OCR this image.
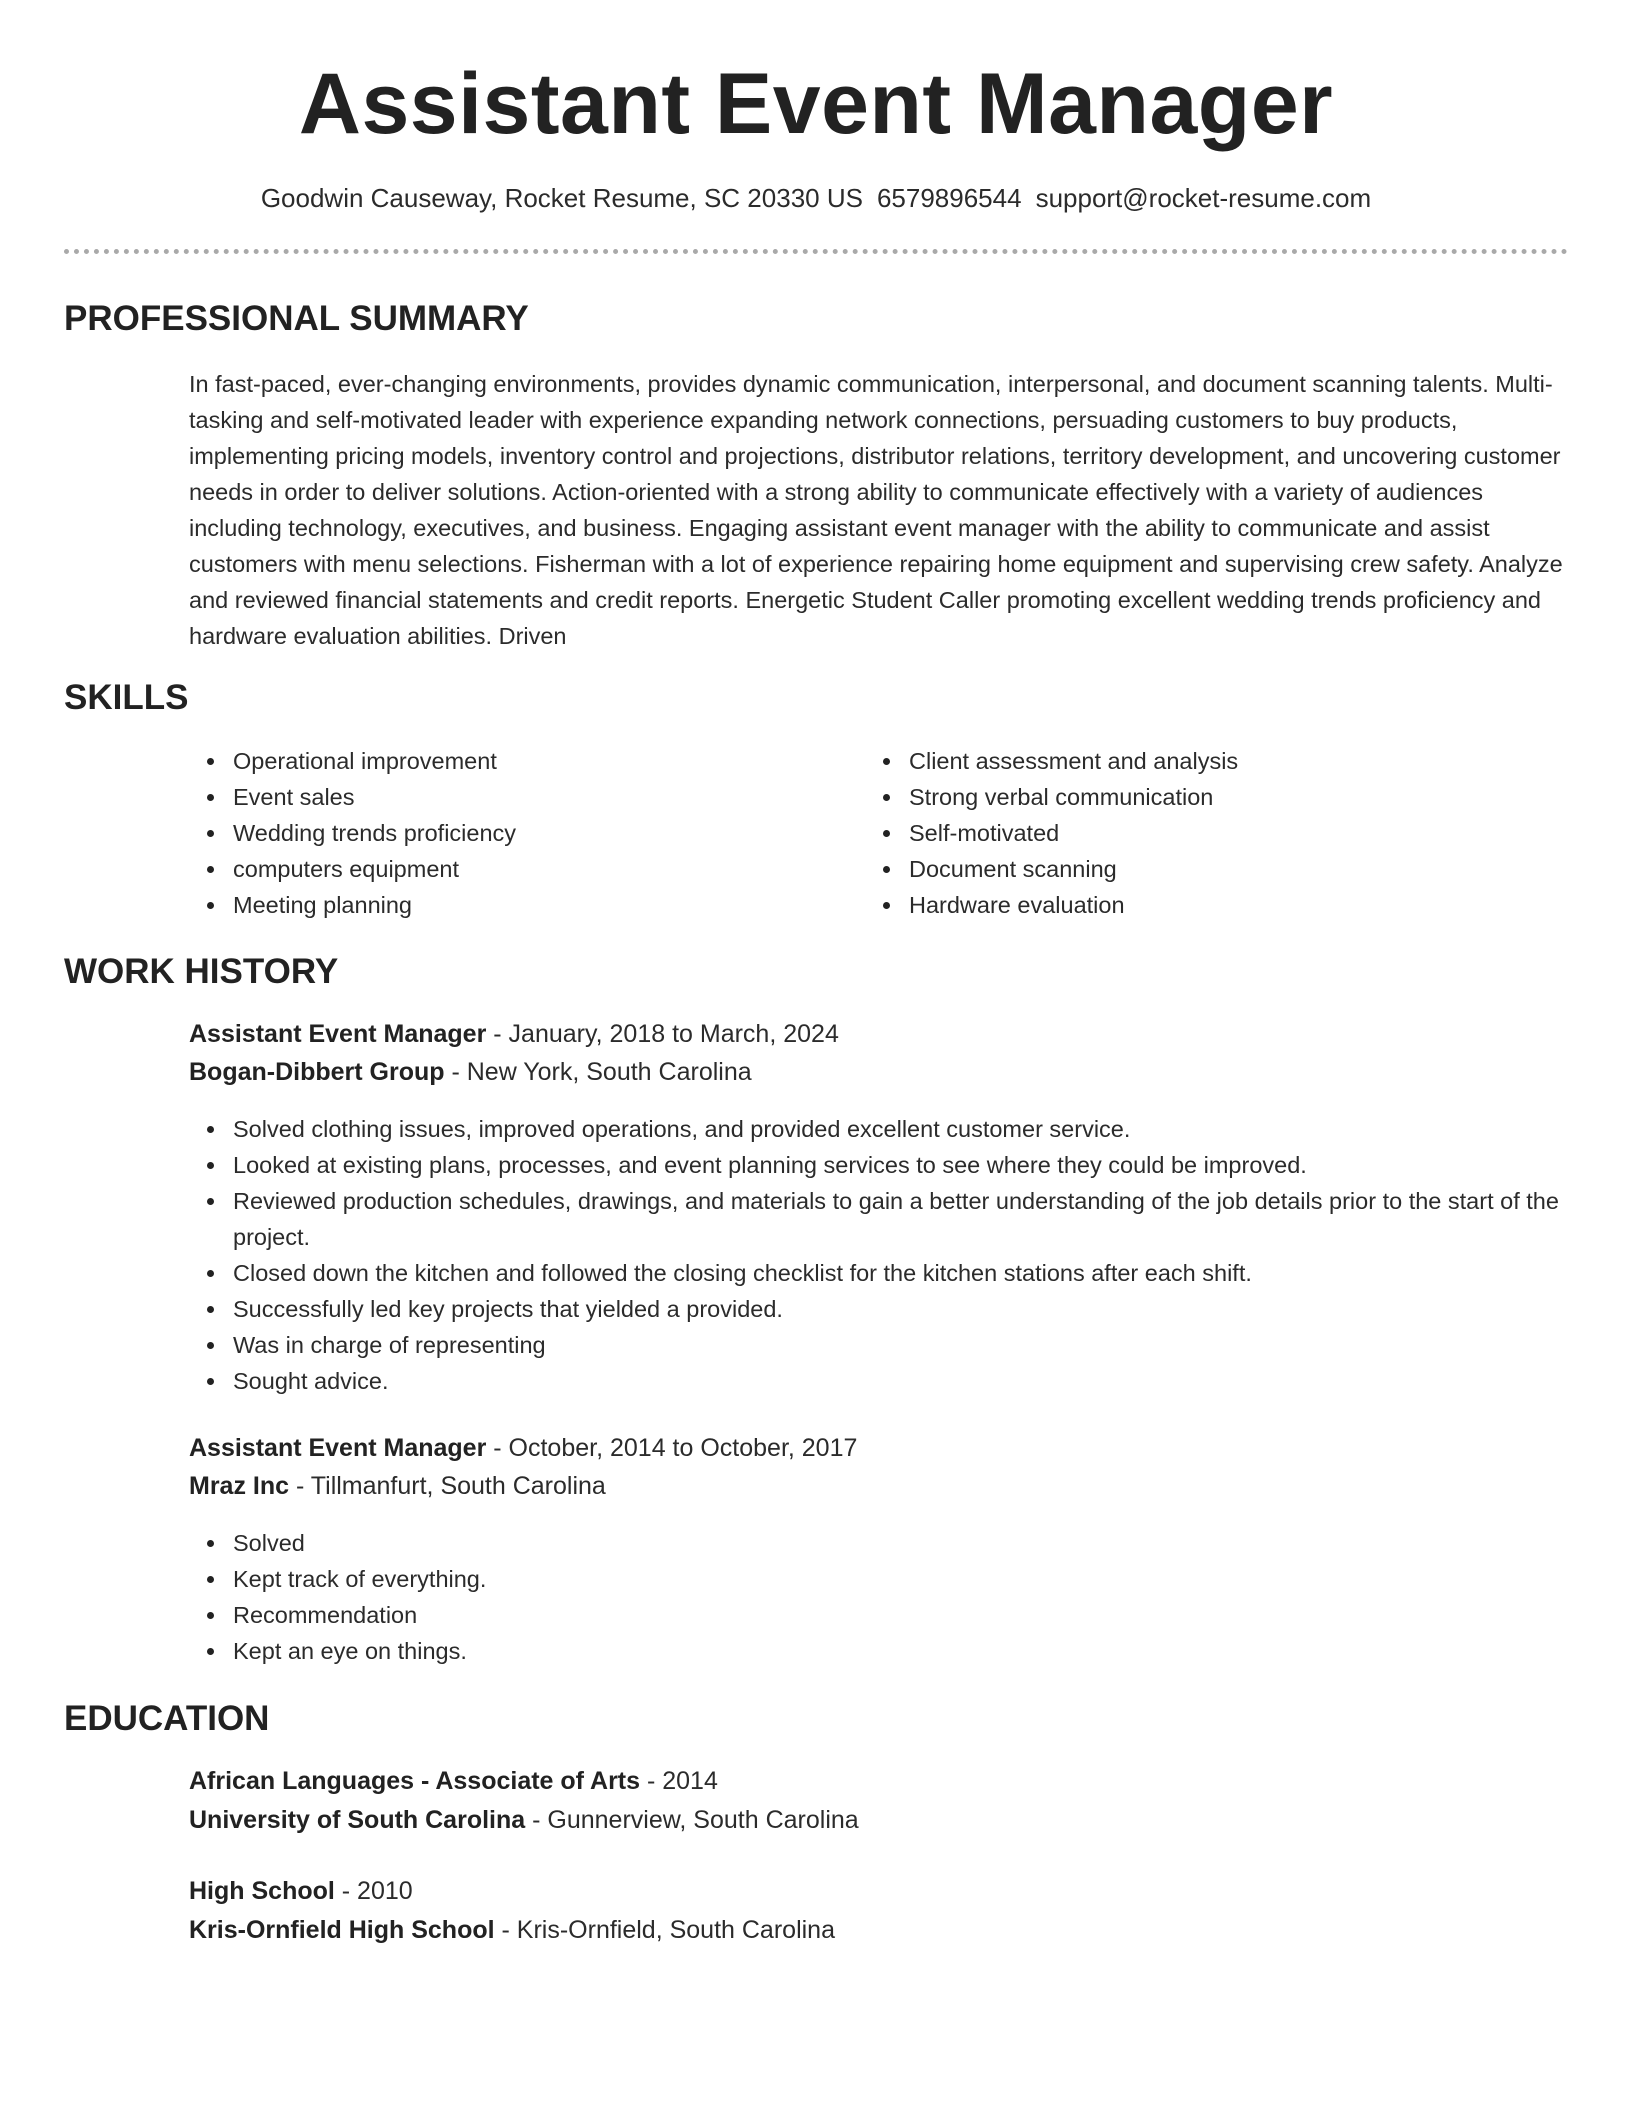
Assistant Event Manager
Goodwin Causeway, Rocket Resume, SC 20330 US 6579896544 support@rocket-resume.com
PROFESSIONAL SUMMARY

In fast-paced, ever-changing environments, provides dynamic communication, interpersonal, and document scanning talents. Multi-tasking and self-motivated leader with experience expanding network connections, persuading customers to buy products, implementing pricing models, inventory control and projections, distributor relations, territory development, and uncovering customer needs in order to deliver solutions. Action-oriented with a strong ability to communicate effectively with a variety of audiences including technology, executives, and business. Engaging assistant event manager with the ability to communicate and assist customers with menu selections. Fisherman with a lot of experience repairing home equipment and supervising crew safety. Analyze and reviewed financial statements and credit reports. Energetic Student Caller promoting excellent wedding trends proficiency and hardware evaluation abilities. Driven

SKILLS
Operational improvement
Event sales
Wedding trends proficiency
computers equipment
Meeting planning
Client assessment and analysis
Strong verbal communication
Self-motivated
Document scanning
Hardware evaluation
WORK HISTORY

Assistant Event Manager - January, 2018 to March, 2024

Bogan-Dibbert Group - New York, South Carolina

Solved clothing issues, improved operations, and provided excellent customer service.
Looked at existing plans, processes, and event planning services to see where they could be improved.
Reviewed production schedules, drawings, and materials to gain a better understanding of the job details prior to the start of the project.
Closed down the kitchen and followed the closing checklist for the kitchen stations after each shift.
Successfully led key projects that yielded a provided.
Was in charge of representing
Sought advice.

Assistant Event Manager - October, 2014 to October, 2017

Mraz Inc - Tillmanfurt, South Carolina

Solved
Kept track of everything.
Recommendation
Kept an eye on things.
EDUCATION

African Languages - Associate of Arts - 2014

University of South Carolina - Gunnerview, South Carolina

High School - 2010

Kris-Ornfield High School - Kris-Ornfield, South Carolina
